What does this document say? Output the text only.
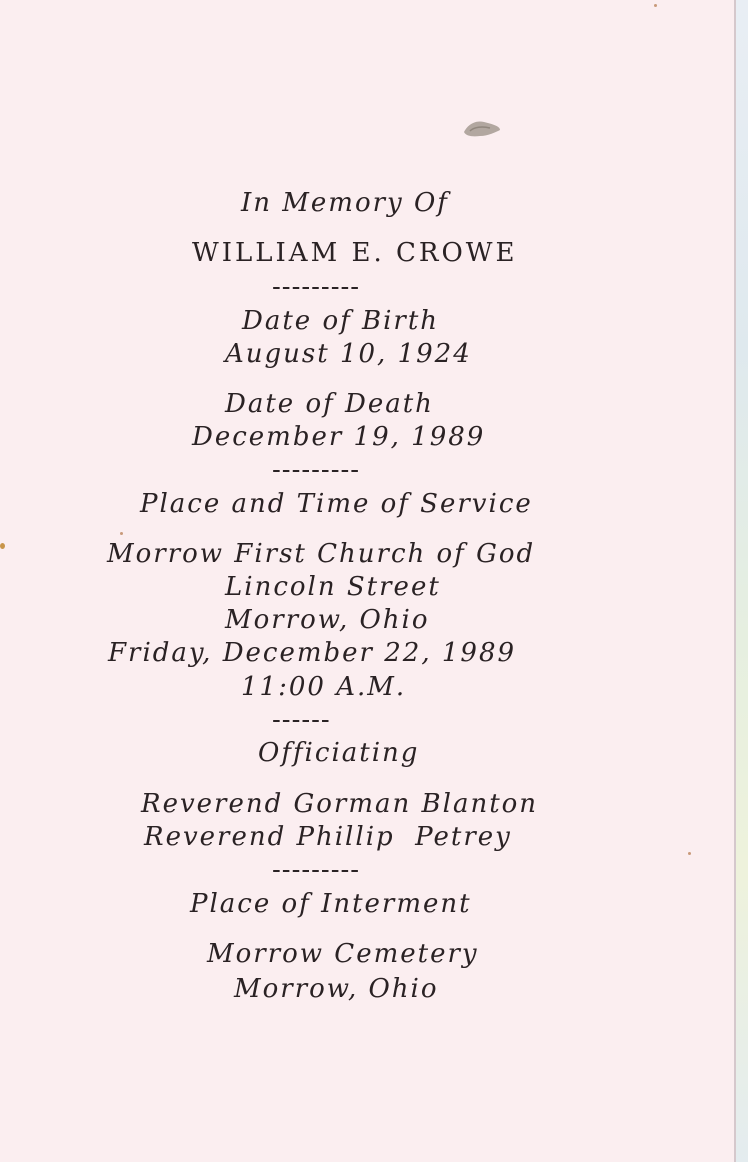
In Memory Of
WILLIAM E. CROWE
---------
Date of Birth
August 10, 1924
Date of Death
December 19, 1989
---------
Place and Time of Service
Morrow First Church of God
Lincoln Street
Morrow, Ohio
Friday, December 22, 1989
11:00 A.M.
------
Officiating
Reverend Gorman Blanton
Reverend Phillip  Petrey
---------
Place of Interment
Morrow Cemetery
Morrow, Ohio
